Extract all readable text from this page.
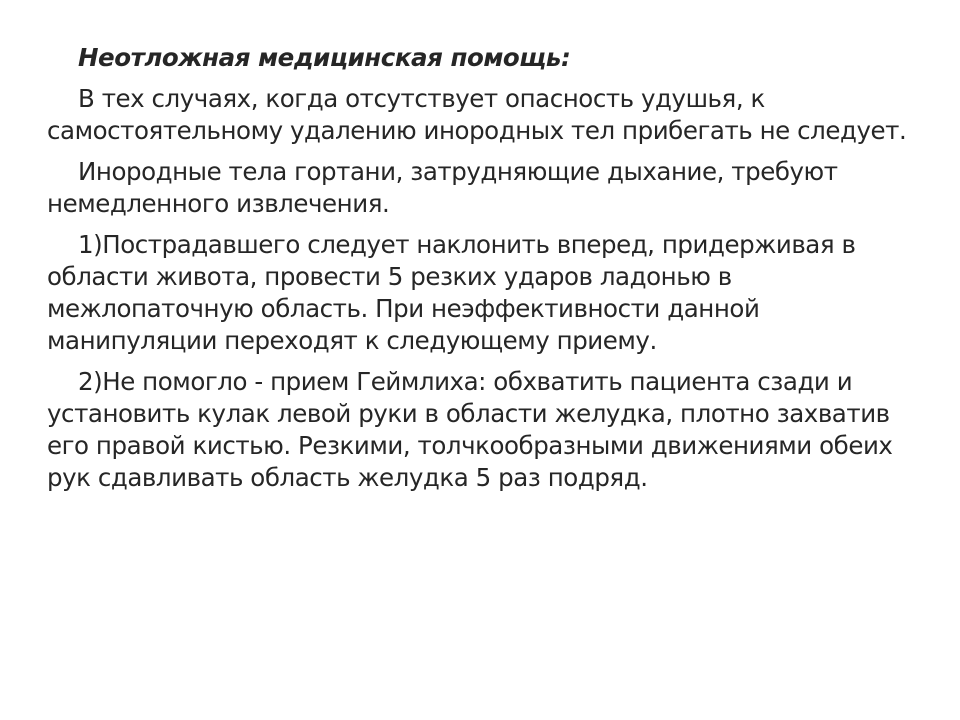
Неотложная медицинская помощь:

В тех случаях, когда отсутствует опасность удушья, к самостоятельному удалению инородных тел прибегать не следует.

Инородные тела гортани, затрудняющие дыхание, требуют немедленного извлечения.

1)Пострадавшего следует наклонить вперед, придерживая в области живота, провести 5 резких ударов ладонью в межлопаточную область. При неэффективности данной манипуляции переходят к следующему приему.

2)Не помогло - прием Геймлиха: обхватить пациента сзади и установить кулак левой руки в области желудка, плотно захватив его правой кистью. Резкими, толчкообразными движениями обеих рук сдавливать область желудка 5 раз подряд.
